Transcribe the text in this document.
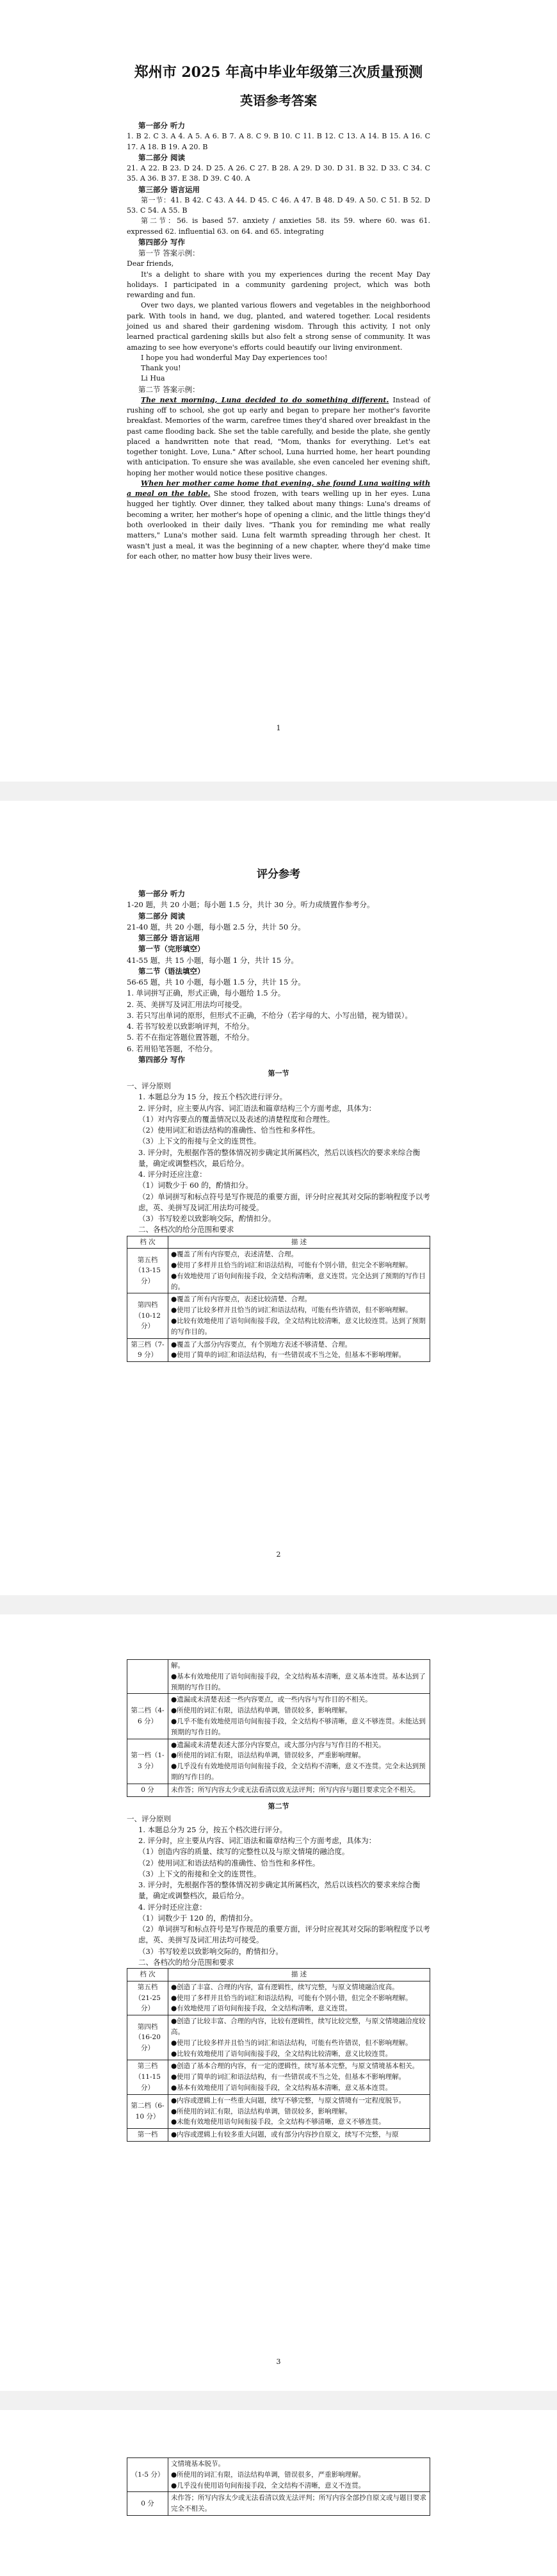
郑州市 2025 年高中毕业年级第三次质量预测
英语参考答案

第一部分 听力

1. B 2. C 3. A 4. A 5. A 6. B 7. A 8. C 9. B 10. C 11. B 12. C 13. A 14. B 15. A 16. C 17. A 18. B 19. A 20. B

第二部分 阅读

21. A 22. B 23. D 24. D 25. A 26. C 27. B 28. A 29. D 30. D 31. B 32. D 33. C 34. C 35. A 36. B 37. E 38. D 39. C 40. A

第三部分 语言运用

第一节：41. B 42. C 43. A 44. D 45. C 46. A 47. B 48. D 49. A 50. C 51. B 52. D 53. C 54. A 55. B

第二节：56. is based 57. anxiety / anxieties 58. its 59. where 60. was 61. expressed 62. influential 63. on 64. and 65. integrating

第四部分 写作

第一节 答案示例：

Dear friends,

It's a delight to share with you my experiences during the recent May Day holidays. I participated in a community gardening project, which was both rewarding and fun.

Over two days, we planted various flowers and vegetables in the neighborhood park. With tools in hand, we dug, planted, and watered together. Local residents joined us and shared their gardening wisdom. Through this activity, I not only learned practical gardening skills but also felt a strong sense of community. It was amazing to see how everyone's efforts could beautify our living environment.

I hope you had wonderful May Day experiences too!

Thank you!

Li Hua

第二节 答案示例：

The next morning, Luna decided to do something different. Instead of rushing off to school, she got up early and began to prepare her mother's favorite breakfast. Memories of the warm, carefree times they'd shared over breakfast in the past came flooding back. She set the table carefully, and beside the plate, she gently placed a handwritten note that read, "Mom, thanks for everything. Let's eat together tonight. Love, Luna." After school, Luna hurried home, her heart pounding with anticipation. To ensure she was available, she even canceled her evening shift, hoping her mother would notice these positive changes.

When her mother came home that evening, she found Luna waiting with a meal on the table. She stood frozen, with tears welling up in her eyes. Luna hugged her tightly. Over dinner, they talked about many things: Luna's dreams of becoming a writer, her mother's hope of opening a clinic, and the little things they'd both overlooked in their daily lives. "Thank you for reminding me what really matters," Luna's mother said. Luna felt warmth spreading through her chest. It wasn't just a meal, it was the beginning of a new chapter, where they'd make time for each other, no matter how busy their lives were.

1
评分参考

第一部分 听力

1-20 题，共 20 小题；每小题 1.5 分，共计 30 分。听力成绩置作参考分。

第二部分 阅读

21-40 题，共 20 小题，每小题 2.5 分，共计 50 分。

第三部分 语言运用

第一节（完形填空）

41-55 题，共 15 小题，每小题 1 分，共计 15 分。

第二节（语法填空）

56-65 题，共 10 小题，每小题 1.5 分，共计 15 分。

1. 单词拼写正确，形式正确，每小题给 1.5 分。

2. 英、美拼写及词汇用法均可接受。

3. 若只写出单词的原形，但形式不正确，不给分（若字母的大、小写出错，视为错误）。

4. 若书写较差以致影响评判，不给分。

5. 若不在指定答题位置答题，不给分。

6. 若用铅笔答题，不给分。

第四部分 写作

第一节

一、评分原则

1. 本题总分为 15 分，按五个档次进行评分。

2. 评分时，应主要从内容、词汇语法和篇章结构三个方面考虑，具体为：

（1）对内容要点的覆盖情况以及表述的清楚程度和合理性。

（2）使用词汇和语法结构的准确性、恰当性和多样性。

（3）上下文的衔接与全文的连贯性。

3. 评分时，先根据作答的整体情况初步确定其所属档次，然后以该档次的要求来综合衡量，确定或调整档次，最后给分。

4. 评分时还应注意：

（1）词数少于 60 的，酌情扣分。

（2）单词拼写和标点符号是写作规范的重要方面，评分时应视其对交际的影响程度予以考虑，英、美拼写及词汇用法均可接受。

（3）书写较差以致影响交际，酌情扣分。

二、各档次的给分范围和要求

档 次	描 述
第五档（13-15 分）	●覆盖了所有内容要点，表述清楚、合理。

●使用了多样并且恰当的词汇和语法结构，可能有个别小错，但完全不影响理解。

●有效地使用了语句间衔接手段，全文结构清晰，意义连贯。完全达到了预期的写作目的。

第四档（10-12 分）	●覆盖了所有内容要点，表述比较清楚、合理。

●使用了比较多样并且恰当的词汇和语法结构，可能有些许错误，但不影响理解。

●比较有效地使用了语句间衔接手段，全文结构比较清晰，意义比较连贯。达到了预期的写作目的。

第三档（7-9 分）	●覆盖了大部分内容要点，有个别地方表述不够清楚、合理。

●使用了简单的词汇和语法结构，有一些错误或不当之处，但基本不影响理解。

2

	解。

●基本有效地使用了语句间衔接手段，全文结构基本清晰，意义基本连贯。基本达到了预期的写作目的。

第二档（4-6 分）	●遗漏或未清楚表述一些内容要点，或一些内容与写作目的不相关。

●所使用的词汇有限，语法结构单调，错误较多，影响理解。

●几乎不能有效地使用语句间衔接手段，全文结构不够清晰，意义不够连贯。未能达到预期的写作目的。

第一档（1-3 分）	●遗漏或未清楚表述大部分内容要点，或大部分内容与写作目的不相关。

●所使用的词汇有限，语法结构单调，错误较多，严重影响理解。

●几乎没有有效地使用语句间衔接手段，全文结构不清晰，意义不连贯。完全未达到预期的写作目的。

0 分	未作答；所写内容太少或无法看清以致无法评判；所写内容与题目要求完全不相关。

第二节

一、评分原则

1. 本题总分为 25 分，按五个档次进行评分。

2. 评分时，应主要从内容、词汇语法和篇章结构三个方面考虑，具体为：

（1）创造内容的质量、续写的完整性以及与原文情境的融洽度。

（2）使用词汇和语法结构的准确性、恰当性和多样性。

（3）上下文的衔接和全文的连贯性。

3. 评分时，先根据作答的整体情况初步确定其所属档次，然后以该档次的要求来综合衡量，确定或调整档次，最后给分。

4. 评分时还应注意：

（1）词数少于 120 的，酌情扣分。

（2）单词拼写和标点符号是写作规范的重要方面，评分时应视其对交际的影响程度予以考虑，英、美拼写及词汇用法均可接受。

（3）书写较差以致影响交际的，酌情扣分。

二、各档次的给分范围和要求

档 次	描 述
第五档（21-25 分）	●创造了丰富、合理的内容，富有逻辑性，续写完整，与原文情境融洽度高。

●使用了多样并且恰当的词汇和语法结构，可能有个别小错，但完全不影响理解。

●有效地使用了语句间衔接手段，全文结构清晰，意义连贯。

第四档（16-20 分）	●创造了比较丰富、合理的内容，比较有逻辑性，续写比较完整，与原文情境融洽度较高。

●使用了比较多样并且恰当的词汇和语法结构，可能有些许错误，但不影响理解。

●比较有效地使用了语句间衔接手段，全文结构比较清晰，意义比较连贯。

第三档（11-15 分）	●创造了基本合理的内容，有一定的逻辑性，续写基本完整，与原文情境基本相关。

●使用了简单的词汇和语法结构，有一些错误或不当之处，但基本不影响理解。

●基本有效地使用了语句间衔接手段，全文结构基本清晰，意义基本连贯。

第二档（6-10 分）	●内容或逻辑上有一些重大问题，续写不够完整，与原文情境有一定程度脱节。

●所使用的词汇有限，语法结构单调，错误较多，影响理解。

●未能有效地使用语句间衔接手段，全文结构不够清晰，意义不够连贯。

第一档	●内容或逻辑上有较多重大问题，或有部分内容抄自原文，续写不完整，与原

3
（1-5 分）	文情境基本脱节。

●所使用的词汇有限，语法结构单调，错误很多，严重影响理解。

●几乎没有使用语句间衔接手段，全文结构不清晰，意义不连贯。

0 分	未作答；所写内容太少或无法看清以致无法评判；所写内容全部抄自原文或与题目要求完全不相关。
